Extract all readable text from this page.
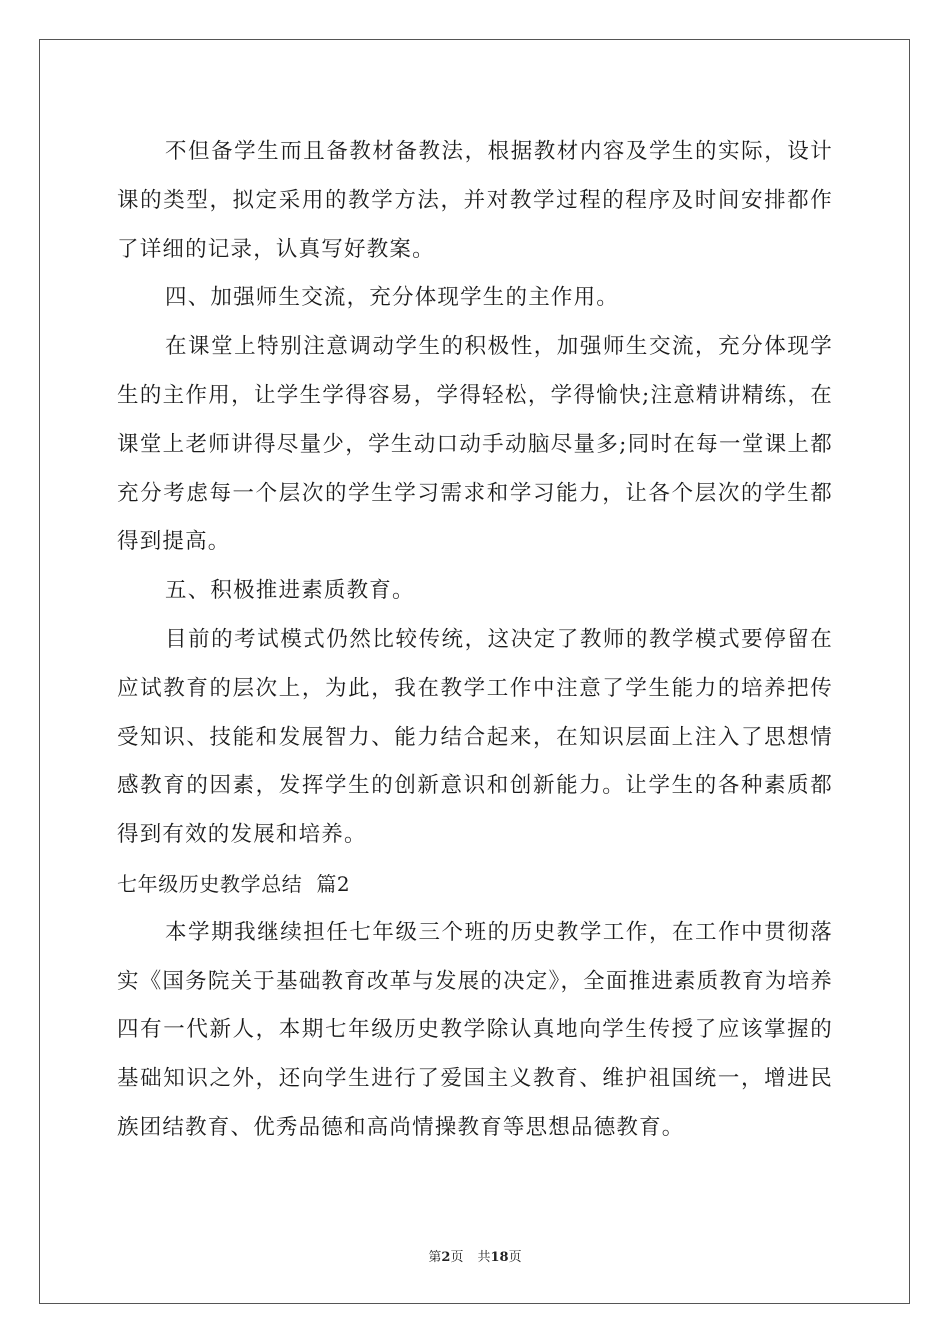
不但备学生而且备教材备教法，根据教材内容及学生的实际，设计课的类型，拟定采用的教学方法，并对教学过程的程序及时间安排都作了详细的记录，认真写好教案。

四、加强师生交流，充分体现学生的主作用。

在课堂上特别注意调动学生的积极性，加强师生交流，充分体现学生的主作用，让学生学得容易，学得轻松，学得愉快;注意精讲精练，在课堂上老师讲得尽量少，学生动口动手动脑尽量多;同时在每一堂课上都充分考虑每一个层次的学生学习需求和学习能力，让各个层次的学生都得到提高。

五、积极推进素质教育。

目前的考试模式仍然比较传统，这决定了教师的教学模式要停留在应试教育的层次上，为此，我在教学工作中注意了学生能力的培养把传受知识、技能和发展智力、能力结合起来，在知识层面上注入了思想情感教育的因素，发挥学生的创新意识和创新能力。让学生的各种素质都得到有效的发展和培养。

七年级历史教学总结  篇2

本学期我继续担任七年级三个班的历史教学工作，在工作中贯彻落实《国务院关于基础教育改革与发展的决定》，全面推进素质教育为培养四有一代新人，本期七年级历史教学除认真地向学生传授了应该掌握的基础知识之外，还向学生进行了爱国主义教育、维护祖国统一，增进民族团结教育、优秀品德和高尚情操教育等思想品德教育。

第2页 共18页
